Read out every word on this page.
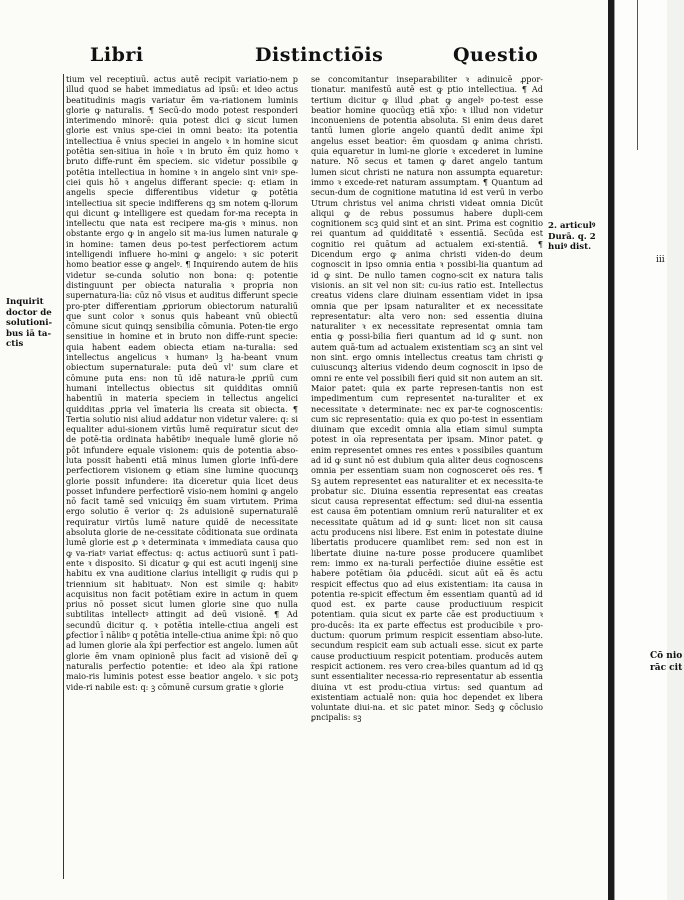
Libri	Distinctiōis	Questio
Inquirit doctor de solutioni-bus iā ta-ctis

tium vel receptiuū. actus autē recipit variatio-nem p illud quod se habet immediatus ad ipsū: et ideo actus beatitudinis magis variatur ēm va-riationem luminis glorie ꝙ naturalis. ¶ Secū-do modo potest responderi interimendo minorē: quia potest dici ꝙ sicut lumen glorie est vnius spe-ciei in omni beato: ita potentia intellectiua ē vnius speciei in angelo ꝛ in homine sicut potētia sen-sitiua in hoīe ꝛ in bruto ēm quiz homo ꝛ bruto diffe-runt ēm speciem. sic videtur possibile ꝙ potētia intellectiua in homine ꝛ in angelo sint vniꝰ spe-ciei quis hō ꝛ angelus differant specie: q: etiam in angelis specie differentibus videtur ꝙ potētia intellectiua sit specie indifferens qꝫ sm notem ꝗ-llorum qui dicunt ꝙ intelligere est quedam for-ma recepta in intellectu que nata est recipere ma-gis ꝛ minus. non obstante ergo ꝙ in angelo sit ma-ius lumen naturale ꝙ in homine: tamen deus po-test perfectiorem actum intelligendi influere ho-mini ꝙ angelo: ꝛ sic poterit homo beatior esse ꝙ angelꝰ. ¶ Inquirendo autem de hiis videtur se-cunda solutio non bona: q: potentie distinguunt per obiecta naturalia ꝛ propria non supernatura-lia: cūz nō visus et auditus differunt specie pro-pter differentiam ꝓpriorum obiectorum naturaliū que sunt color ꝛ sonus quis habeant vnū obiectū cōmune sicut quinqꝫ sensibilia cōmunia. Poten-tie ergo sensitiue in homine et in bruto non diffe-runt specie: quia habent eadem obiecta etiam na-turalia: sed intellectus angelicus ꝛ humanꝰ lꝫ ha-beant vnum obiectum supernaturale: puta deū vl' sum clare et cōmune puta ens: non tū idē natura-le ꝓpriū cum humani intellectus obiectus sit quidditas omniū habentiū in materia speciem in tellectus angelici quidditas ꝓpria vel īmateria lis creata sit obiecta. ¶ Tertia solutio nisi aliud addatur non videtur valere: q: si equaliter adui-sionem virtūs lumē requiratur sicut deꝰ de potē-tia ordinata habētibꝰ inequale lumē glorie nō pōt infundere equale visionem: quis de potentia abso-luta possit habenti etiā minus lumen glorie infū-dere perfectiorem visionem ꝙ etiam sine lumine quocunqꝫ glorie possit infundere: ita diceretur quia licet deus posset infundere perfectiorē visio-nem homini ꝙ angelo nō facit tamē sed vnicuiqꝫ ēm suam virtutem. Prima ergo solutio ē verior q: 2s aduisionē supernaturalē requiratur virtūs lumē nature quidē de necessitate absoluta glorie de ne-cessitate cōditionata sue ordinata lumē glorie est ꝓ ꝛ determinata ꝛ immediata causa quo ꝙ va-riatꝰ variat effectus: q: actus actiuorū sunt ī pati-ente ꝛ disposito. Si dicatur ꝙ qui est acuti ingenij sine habitu ex vna auditione clarius intelligit ꝙ rudis qui p triennium sit habituatꝰ. Non est simile q: habitꝰ acquisitus non facit potētiam exire in actum in quem prius nō posset sicut lumen glorie sine quo nulla subtilitas intellectꝰ attingit ad deū visionē. ¶ Ad secundū dicitur q. ꝛ potētia intelle-ctiua angeli est ꝑfectior ī nālibꝰ q potētia intelle-ctiua anime x̄pi: nō quo ad lumen glorie ala x̄pi perfectior est angelo. lumen aūt glorie ēm vnam opinionē plus facit ad visionē deī ꝙ naturalis perfectio potentie: et ideo ala x̄pi ratione maio-ris luminis potest esse beatior angelo. ꝛ sic potꝫ vide-ri nabile est: q: ꝫ cōmunē cursum gratie ꝛ glorie

se concomitantur inseparabiliter ꝛ adinuicē ꝓpor-tionatur. manifestū autē est ꝙ ptio intellectiua. ¶ Ad tertium dicitur ꝙ illud ꝓbat ꝙ angelꝰ po-test esse beatior homine quocūqꝫ etiā xp̄o: ꝛ illud non videtur inconueniens de potentia absoluta. Si enim deus daret tantū lumen glorie angelo quantū dedit anime x̄pi angelus esset beatior: ēm quosdam ꝙ anima christi. quia equaretur in lumi-ne glorie ꝛ excederet in lumine nature. Nō secus et tamen ꝙ daret angelo tantum lumen sicut christi ne natura non assumpta equaretur: immo ꝛ excede-ret naturam assumptam. ¶ Quantum ad secun-dum de cognitione matutina id est verū in verbo Utrum christus vel anima christi videat omnia Dicūt aliqui ꝙ de rebus possumus habere dupli-cem cognitionem scꝫ quid sint et an sint. Prima est cognitio rei quantum ad quidditatē ꝛ essentiā. Secūda est cognitio rei quātum ad actualem exi-stentiā. ¶ Dicendum ergo ꝙ anima christi viden-do deum cognoscit in ipso omnia entia ꝛ possibi-lia quantum ad id ꝙ sint. De nullo tamen cogno-scit ex natura talis visionis. an sit vel non sit: cu-ius ratio est. Intellectus creatus videns clare diuinam essentiam videt in ipsa omnia que per ipsam naturaliter et ex necessitate representatur: alta vero non: sed essentia diuina naturaliter ꝛ ex necessitate representat omnia tam entia ꝙ possi-bilia fieri quantum ad id ꝙ sunt. non autem quā-tum ad actualem existentiam scꝫ an sint vel non sint. ergo omnis intellectus creatus tam christi ꝙ cuiuscunqꝫ alterius videndo deum cognoscit in ipso de omni re ente vel possibili fieri quid sit non autem an sit. Maior patet: quia ex parte represen-tantis non est impedimentum cum representet na-turaliter et ex necessitate ꝛ determinate: nec ex par-te cognoscentis: cum sic representatio: quia ex quo po-test in essentiam diuinam que excedit omnia alia etiam simul sumpta potest in oīa representata per ipsam. Minor patet. ꝙ enim representet omnes res entes ꝛ possibiles quantum ad id ꝙ sunt nō est dubium quia aliter deus cognoscens omnia per essentiam suam non cognosceret oēs res. ¶ Sꝫ autem representet eas naturaliter et ex necessita-te probatur sic. Diuina essentia representat eas creatas sicut causa representat effectum: sed diui-na essentia est causa ēm potentiam omnium rerū naturaliter et ex necessitate quātum ad id ꝙ sunt: licet non sit causa actu producens nisi libere. Est enim in potestate diuine libertatis producere quamlibet rem: sed non est in libertate diuine na-ture posse producere quamlibet rem: immo ex na-turali perfectiōe diuine essētie est habere potētiam ōia ꝓducēdi. sicut aūt eā ēs actu respicit effectus quo ad eius existentiam: ita causa in potentia re-spicit effectum ēm essentiam quantū ad id quod est. ex parte cause productiuum respicit potentiam. quia sicut ex parte cāe est productiuum ꝛ pro-ducēs: ita ex parte effectus est producibile ꝛ pro-ductum: quorum primum respicit essentiam abso-lute. secundum respicit eam sub actuali esse. sicut ex parte cause productiuum respicit potentiam. producēs autem respicit actionem. res vero crea-biles quantum ad id qꝫ sunt essentialiter necessa-rio representatur ab essentia diuina vt est produ-ctiua virtus: sed quantum ad existentiam actualē non: quia hoc dependet ex libera voluntate diui-na. et sic patet minor. Sedꝫ ꝙ cōclusio ꝑncipalis: sꝫ

2. articulꝰ Durā. q. 2 huiꝰ dist.
iii
Cō nio rāc cit
